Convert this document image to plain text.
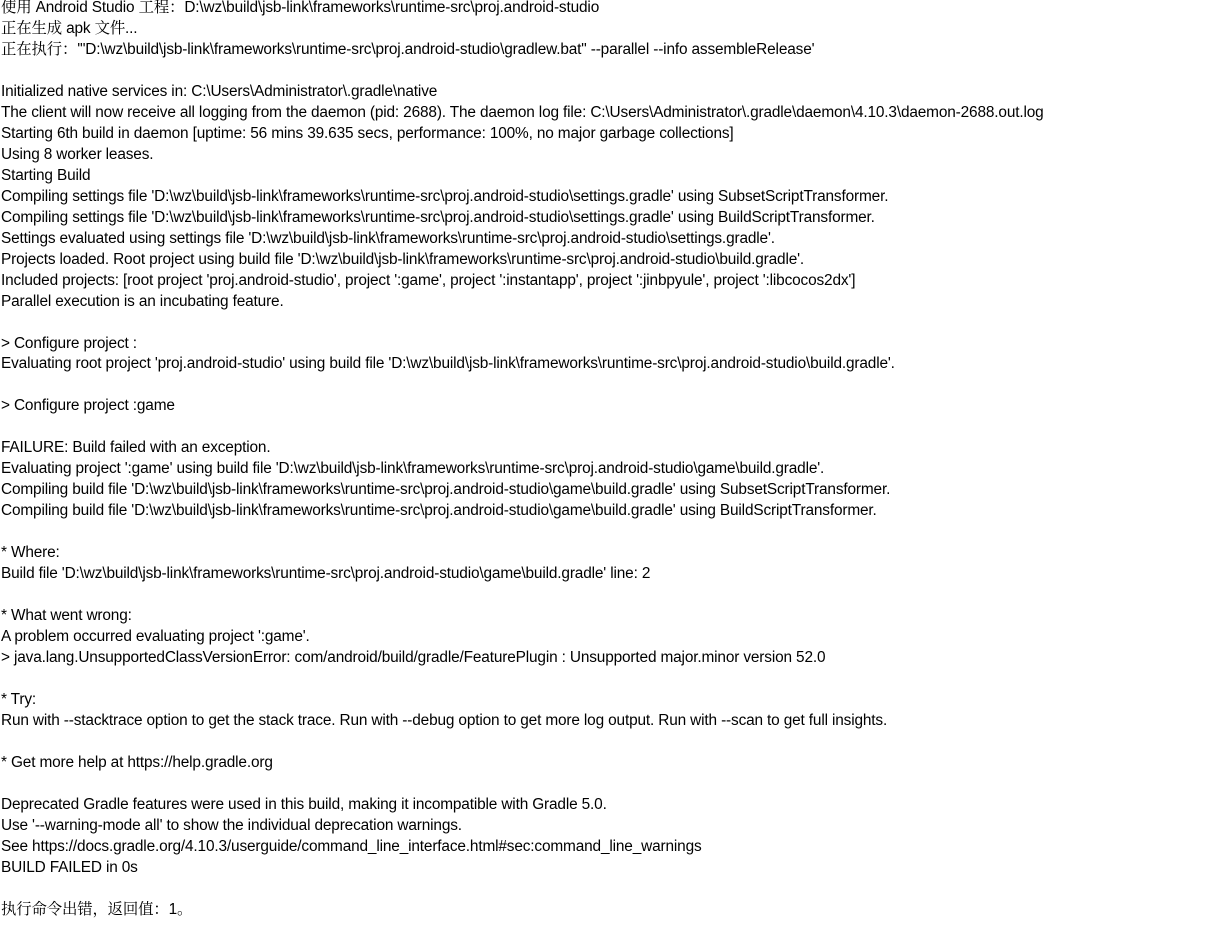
使用 Android Studio 工程：D:\wz\build\jsb-link\frameworks\runtime-src\proj.android-studio
正在生成 apk 文件...
正在执行：'"D:\wz\build\jsb-link\frameworks\runtime-src\proj.android-studio\gradlew.bat" --parallel --info assembleRelease'
Initialized native services in: C:\Users\Administrator\.gradle\native
The client will now receive all logging from the daemon (pid: 2688). The daemon log file: C:\Users\Administrator\.gradle\daemon\4.10.3\daemon-2688.out.log
Starting 6th build in daemon [uptime: 56 mins 39.635 secs, performance: 100%, no major garbage collections]
Using 8 worker leases.
Starting Build
Compiling settings file 'D:\wz\build\jsb-link\frameworks\runtime-src\proj.android-studio\settings.gradle' using SubsetScriptTransformer.
Compiling settings file 'D:\wz\build\jsb-link\frameworks\runtime-src\proj.android-studio\settings.gradle' using BuildScriptTransformer.
Settings evaluated using settings file 'D:\wz\build\jsb-link\frameworks\runtime-src\proj.android-studio\settings.gradle'.
Projects loaded. Root project using build file 'D:\wz\build\jsb-link\frameworks\runtime-src\proj.android-studio\build.gradle'.
Included projects: [root project 'proj.android-studio', project ':game', project ':instantapp', project ':jinbpyule', project ':libcocos2dx']
Parallel execution is an incubating feature.
> Configure project :
Evaluating root project 'proj.android-studio' using build file 'D:\wz\build\jsb-link\frameworks\runtime-src\proj.android-studio\build.gradle'.
> Configure project :game
FAILURE: Build failed with an exception.
Evaluating project ':game' using build file 'D:\wz\build\jsb-link\frameworks\runtime-src\proj.android-studio\game\build.gradle'.
Compiling build file 'D:\wz\build\jsb-link\frameworks\runtime-src\proj.android-studio\game\build.gradle' using SubsetScriptTransformer.
Compiling build file 'D:\wz\build\jsb-link\frameworks\runtime-src\proj.android-studio\game\build.gradle' using BuildScriptTransformer.
* Where:
Build file 'D:\wz\build\jsb-link\frameworks\runtime-src\proj.android-studio\game\build.gradle' line: 2
* What went wrong:
A problem occurred evaluating project ':game'.
> java.lang.UnsupportedClassVersionError: com/android/build/gradle/FeaturePlugin : Unsupported major.minor version 52.0
* Try:
Run with --stacktrace option to get the stack trace. Run with --debug option to get more log output. Run with --scan to get full insights.
* Get more help at https://help.gradle.org
Deprecated Gradle features were used in this build, making it incompatible with Gradle 5.0.
Use '--warning-mode all' to show the individual deprecation warnings.
See https://docs.gradle.org/4.10.3/userguide/command_line_interface.html#sec:command_line_warnings
BUILD FAILED in 0s
执行命令出错，返回值：1。
